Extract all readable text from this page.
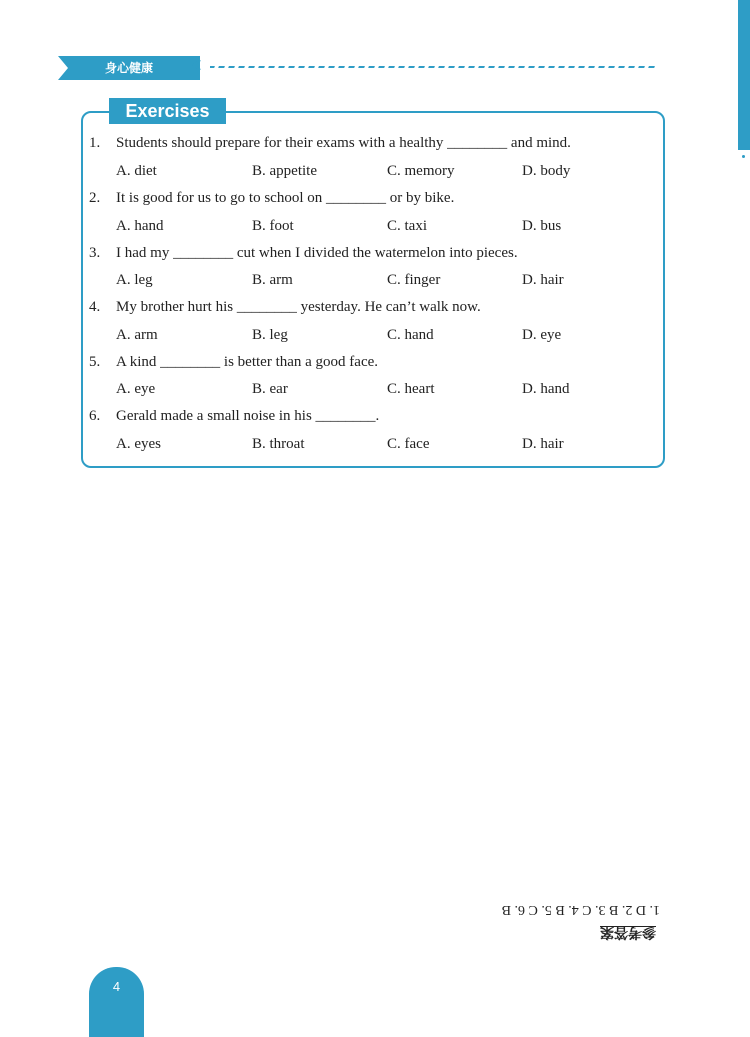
身心健康
Exercises
1.	Students should prepare for their exams with a healthy ________ and mind.
A. diet	B. appetite	C. memory	D. body
2.	It is good for us to go to school on ________ or by bike.
A. hand	B. foot	C. taxi	D. bus
3.	I had my ________ cut when I divided the watermelon into pieces.
A. leg	B. arm	C. finger	D. hair
4.	My brother hurt his ________ yesterday. He can’t walk now.
A. arm	B. leg	C. hand	D. eye
5.	A kind ________ is better than a good face.
A. eye	B. ear	C. heart	D. hand
6.	Gerald made a small noise in his ________.
A. eyes	B. throat	C. face	D. hair
1. D 2. B 3. C 4. B 5. C 6. B
参考答案
4
